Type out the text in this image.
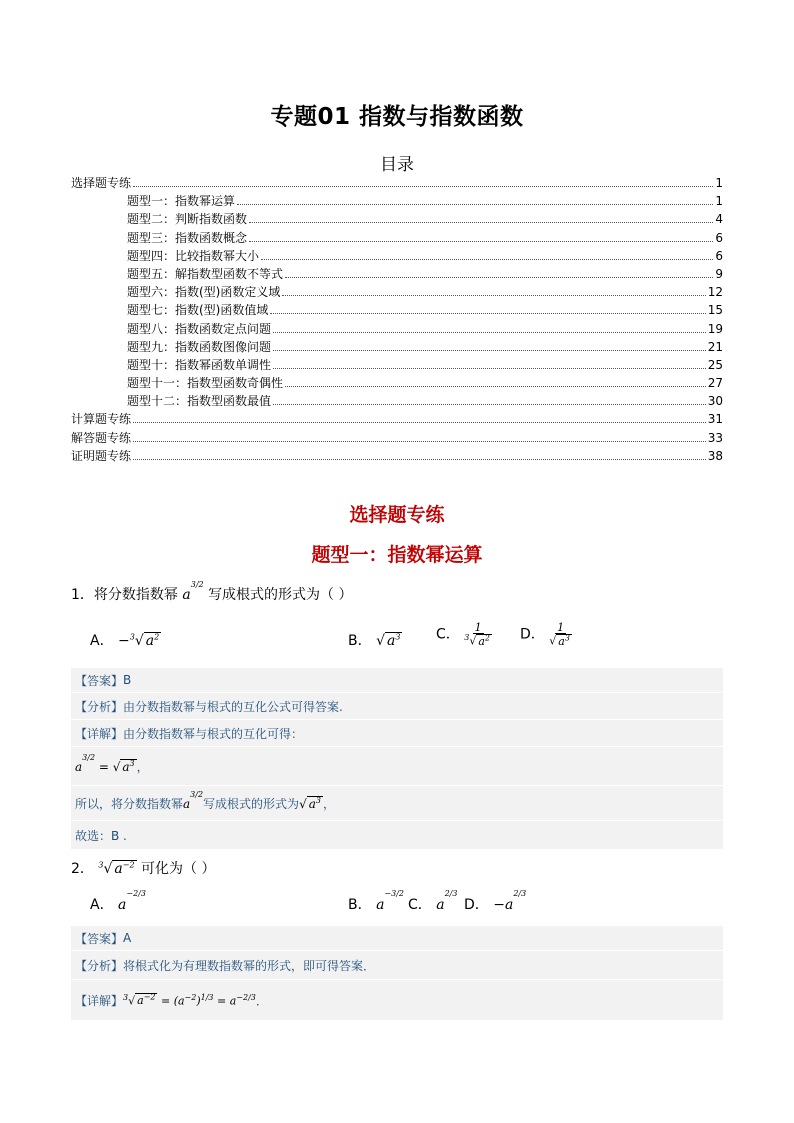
专题01 指数与指数函数
目录
选择题专练	1
题型一：指数幂运算	1
题型二：判断指数函数	4
题型三：指数函数概念	6
题型四：比较指数幂大小	6
题型五：解指数型函数不等式	9
题型六：指数(型)函数定义域	12
题型七：指数(型)函数值域	15
题型八：指数函数定点问题	19
题型九：指数函数图像问题	21
题型十：指数幂函数单调性	25
题型十一：指数型函数奇偶性	27
题型十二：指数型函数最值	30
计算题专练	31
解答题专练	33
证明题专练	38
选择题专练
题型一：指数幂运算
1．将分数指数幂 $a^{3/2}$ 写成根式的形式为（ ）
A． −$^3$√ $a^2$	B． √ $a^3$	C． $\frac{1}{^3√ a^2}$ D． $\frac{1}{√ a^3}$
【答案】 B
【分析】 由分数指数幂与根式的互化公式可得答案.
【详解】 由分数指数幂与根式的互化可得：
$a^{3/2}$ = √ $a^3$ ，
所以，将分数指数幂 $a^{3/2}$
写成根式的形式为 √ $a^3$ ，
故选：B .
2． $^3$√ $a^{-2}$ 可化为（ ）
A． $a^{-2/3}$
B． $a^{-3/2}$
C． $a^{2/3}$
D． $-a^{2/3}$
【答案】 A
【分析】 将根式化为有理数指数幂的形式，即可得答案．
【详解】 $^3$√ $a^{-2} = (a^{-2})^{1/3} = a^{-2/3}$ ．
